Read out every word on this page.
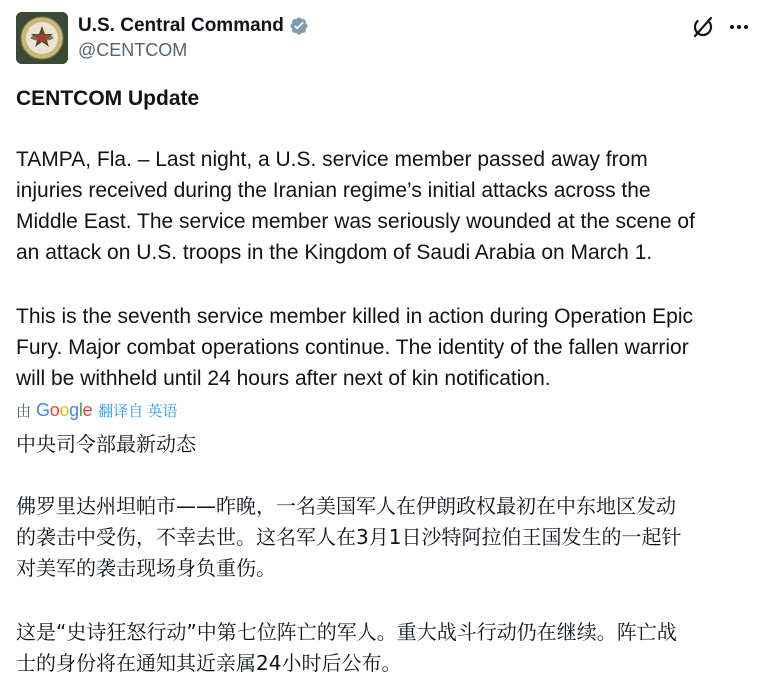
U.S. Central Command
@CENTCOM
CENTCOM Update
TAMPA, Fla. – Last night, a U.S. service member passed away from
injuries received during the Iranian regime’s initial attacks across the
Middle East. The service member was seriously wounded at the scene of
an attack on U.S. troops in the Kingdom of Saudi Arabia on March 1.
This is the seventh service member killed in action during Operation Epic
Fury. Major combat operations continue. The identity of the fallen warrior
will be withheld until 24 hours after next of kin notification.
由 Google 翻译自 英语
中央司令部最新动态
佛罗里达州坦帕市——昨晚，一名美国军人在伊朗政权最初在中东地区发动
的袭击中受伤，不幸去世。这名军人在3月1日沙特阿拉伯王国发生的一起针
对美军的袭击现场身负重伤。
这是“史诗狂怒行动”中第七位阵亡的军人。重大战斗行动仍在继续。阵亡战
士的身份将在通知其近亲属24小时后公布。
